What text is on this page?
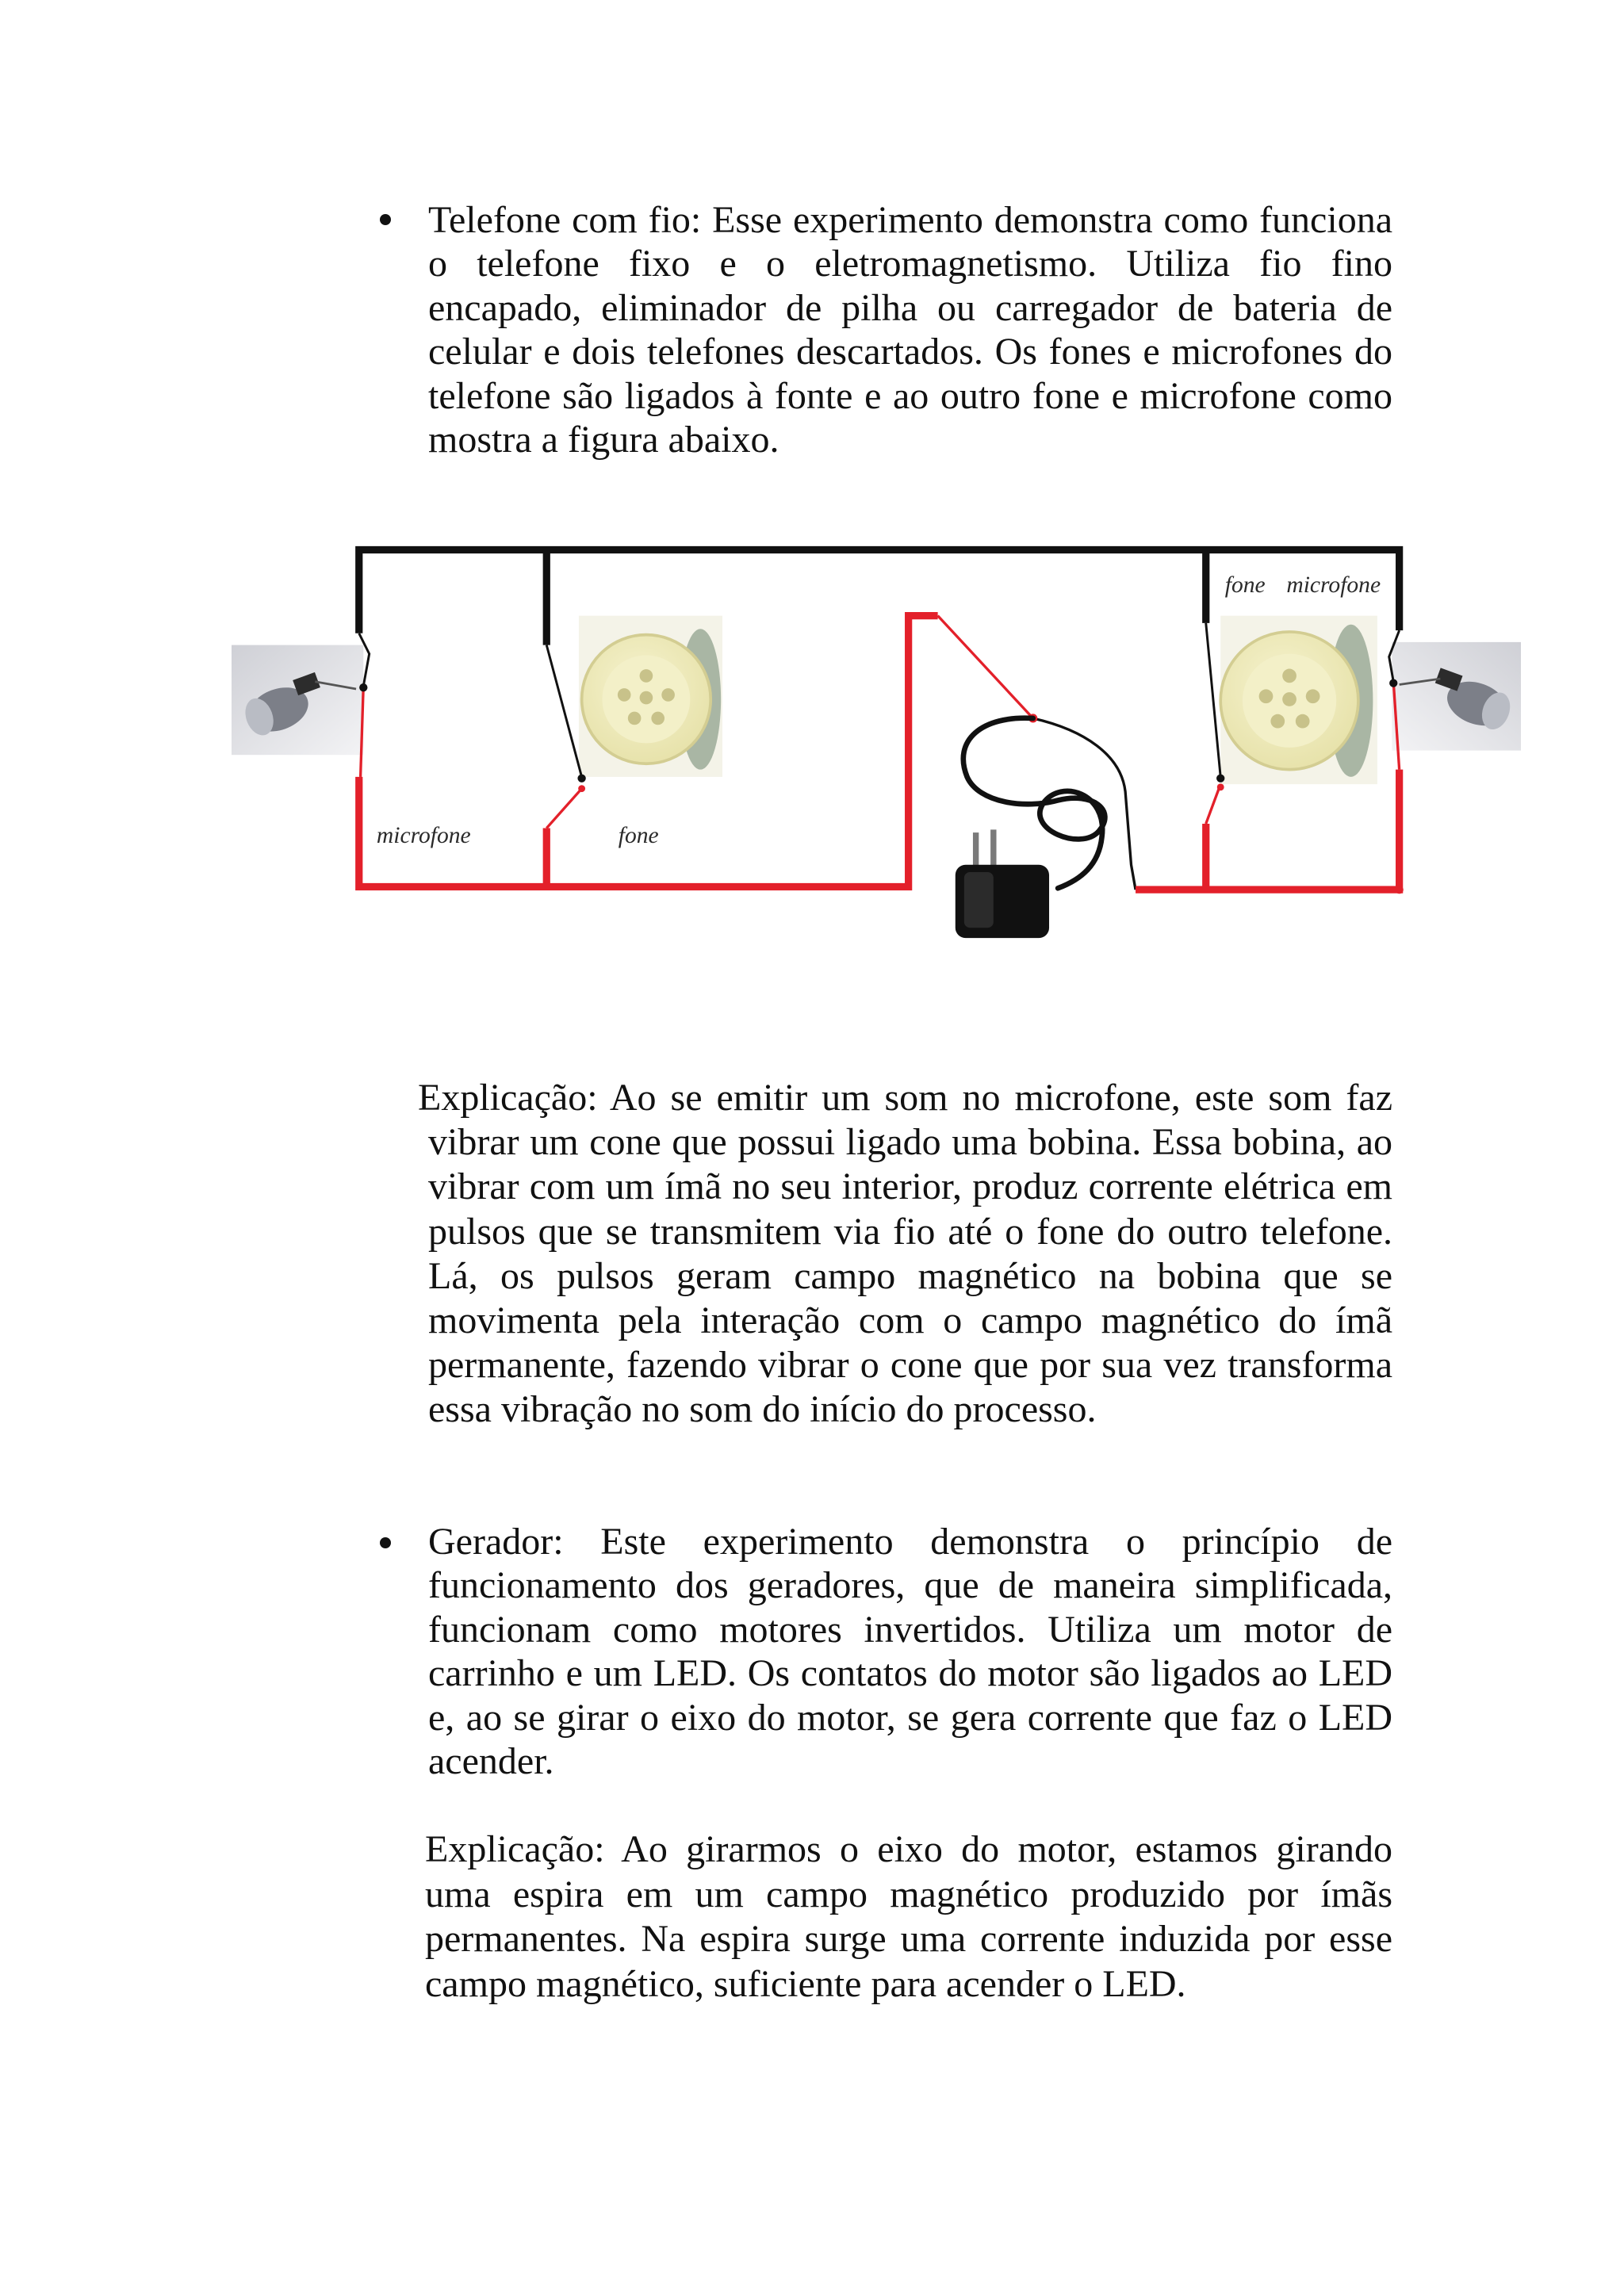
Telefone com fio: Esse experimento demonstra como funciona
o telefone fixo e o eletromagnetismo. Utiliza fio fino
encapado, eliminador de pilha ou carregador de bateria de
celular e dois telefones descartados. Os fones e microfones do
telefone são ligados à fonte e ao outro fone e microfone como
mostra a figura abaixo.
microfone	fone
fone microfone
Explicação: Ao se emitir um som no microfone, este som faz
vibrar um cone que possui ligado uma bobina. Essa bobina, ao
vibrar com um ímã no seu interior, produz corrente elétrica em
pulsos que se transmitem via fio até o fone do outro telefone.
Lá, os pulsos geram campo magnético na bobina que se
movimenta pela interação com o campo magnético do ímã
permanente, fazendo vibrar o cone que por sua vez transforma
essa vibração no som do início do processo.
Gerador: Este experimento demonstra o princípio de
funcionamento dos geradores, que de maneira simplificada,
funcionam como motores invertidos. Utiliza um motor de
carrinho e um LED. Os contatos do motor são ligados ao LED
e, ao se girar o eixo do motor, se gera corrente que faz o LED
acender.
Explicação: Ao girarmos o eixo do motor, estamos girando
uma espira em um campo magnético produzido por ímãs
permanentes. Na espira surge uma corrente induzida por esse
campo magnético, suficiente para acender o LED.
